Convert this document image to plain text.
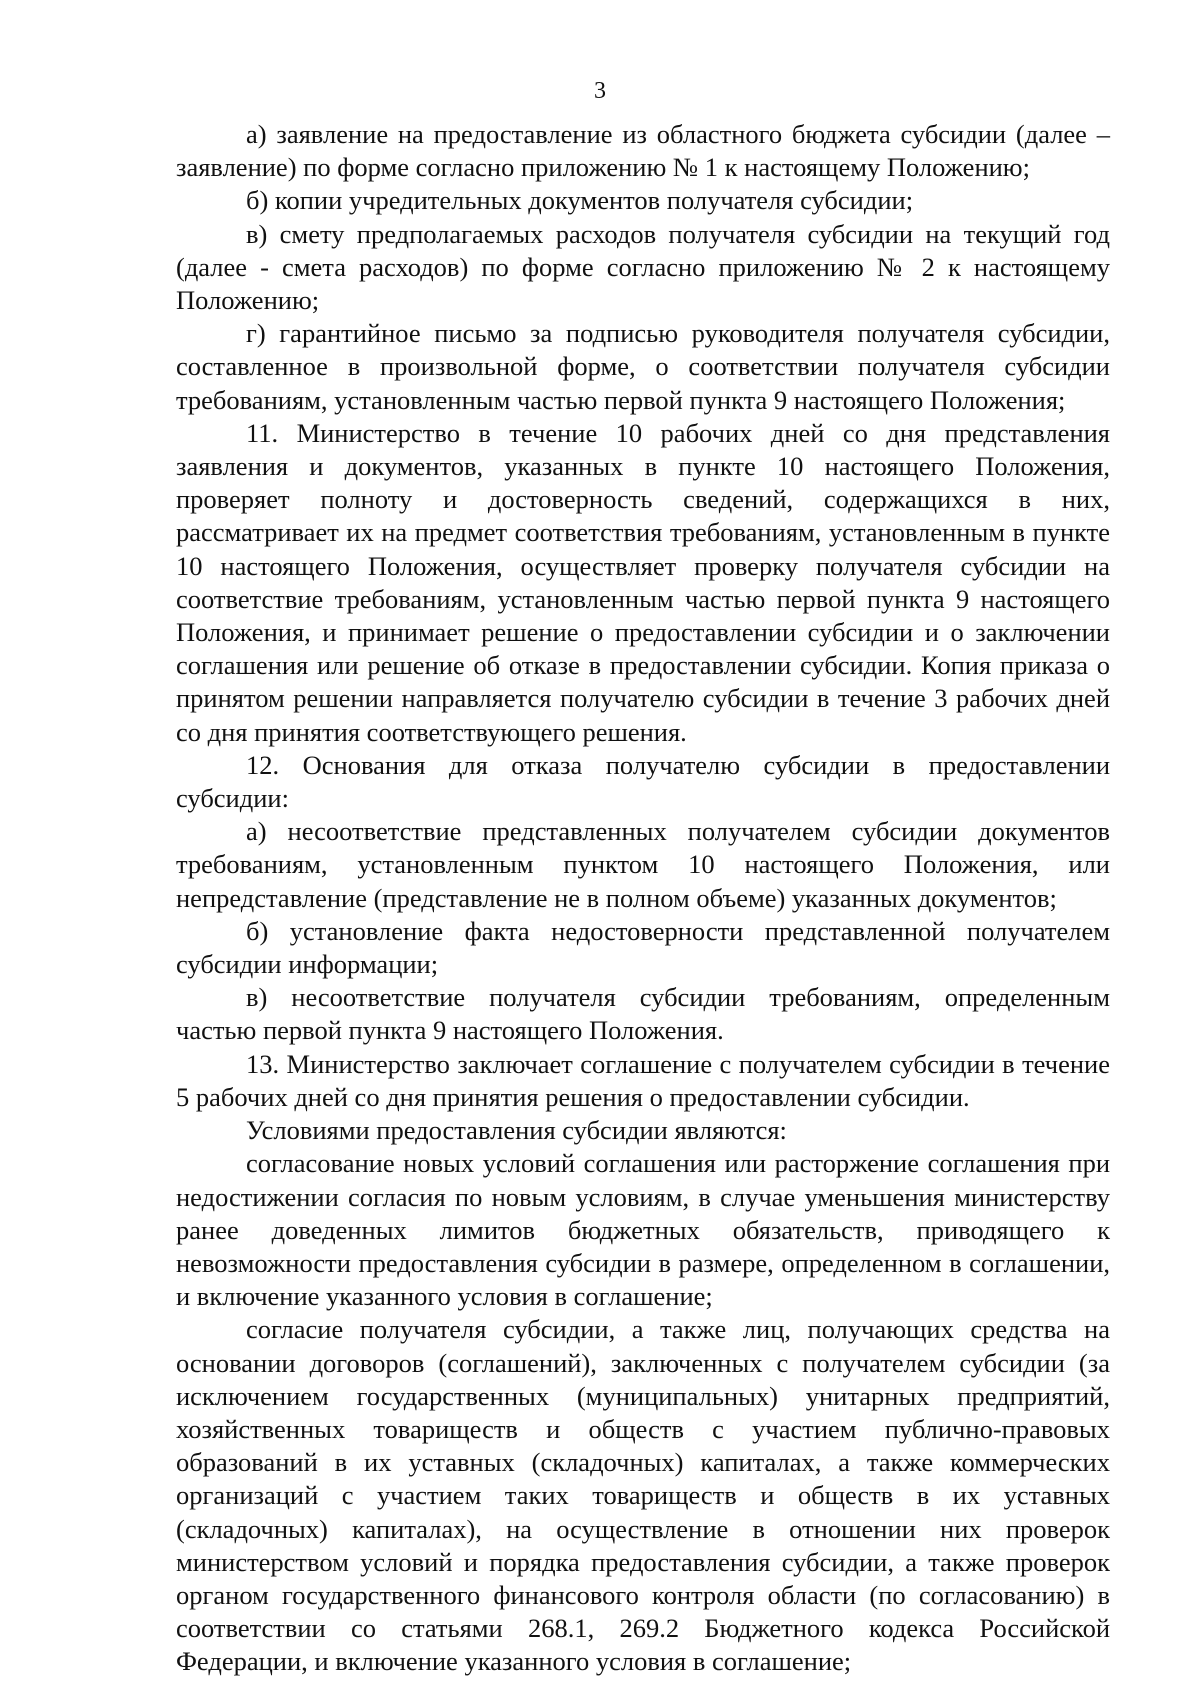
3

а) заявление на предоставление из областного бюджета субсидии (далее – заявление) по форме согласно приложению № 1 к настоящему Положению;

б) копии учредительных документов получателя субсидии;

в) смету предполагаемых расходов получателя субсидии на текущий год (далее - смета расходов) по форме согласно приложению № 2 к настоящему Положению;

г) гарантийное письмо за подписью руководителя получателя субсидии, составленное в произвольной форме, о соответствии получателя субсидии требованиям, установленным частью первой пункта 9 настоящего Положения;

11. Министерство в течение 10 рабочих дней со дня представления заявления и документов, указанных в пункте 10 настоящего Положения, проверяет полноту и достоверность сведений, содержащихся в них, рассматривает их на предмет соответствия требованиям, установленным в пункте 10 настоящего Положения, осуществляет проверку получателя субсидии на соответствие требованиям, установленным частью первой пункта 9 настоящего Положения, и принимает решение о предоставлении субсидии и о заключении соглашения или решение об отказе в предоставлении субсидии. Копия приказа о принятом решении направляется получателю субсидии в течение 3 рабочих дней со дня принятия соответствующего решения.

12. Основания для отказа получателю субсидии в предоставлении субсидии:

а) несоответствие представленных получателем субсидии документов требованиям, установленным пунктом 10 настоящего Положения, или непредставление (представление не в полном объеме) указанных документов;

б) установление факта недостоверности представленной получателем субсидии информации;

в) несоответствие получателя субсидии требованиям, определенным частью первой пункта 9 настоящего Положения.

13. Министерство заключает соглашение с получателем субсидии в течение 5 рабочих дней со дня принятия решения о предоставлении субсидии.

Условиями предоставления субсидии являются:

согласование новых условий соглашения или расторжение соглашения при недостижении согласия по новым условиям, в случае уменьшения министерству ранее доведенных лимитов бюджетных обязательств, приводящего к невозможности предоставления субсидии в размере, определенном в соглашении, и включение указанного условия в соглашение;

согласие получателя субсидии, а также лиц, получающих средства на основании договоров (соглашений), заключенных с получателем субсидии (за исключением государственных (муниципальных) унитарных предприятий, хозяйственных товариществ и обществ с участием публично-правовых образований в их уставных (складочных) капиталах, а также коммерческих организаций с участием таких товариществ и обществ в их уставных (складочных) капиталах), на осуществление в отношении них проверок министерством условий и порядка предоставления субсидии, а также проверок органом государственного финансового контроля области (по согласованию) в соответствии со статьями 268.1, 269.2 Бюджетного кодекса Российской Федерации, и включение указанного условия в соглашение;
